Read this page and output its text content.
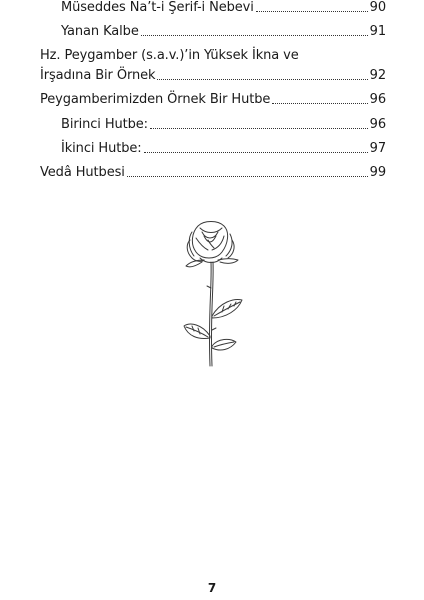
Müseddes Na’t-i Şerif-i Nebevi	90
Yanan Kalbe	91
Hz. Peygamber (s.a.v.)’in Yüksek İkna ve
İrşadına Bir Örnek	92
Peygamberimizden Örnek Bir Hutbe	96
Birinci Hutbe:	96
İkinci Hutbe:	97
Vedâ Hutbesi	99
7
